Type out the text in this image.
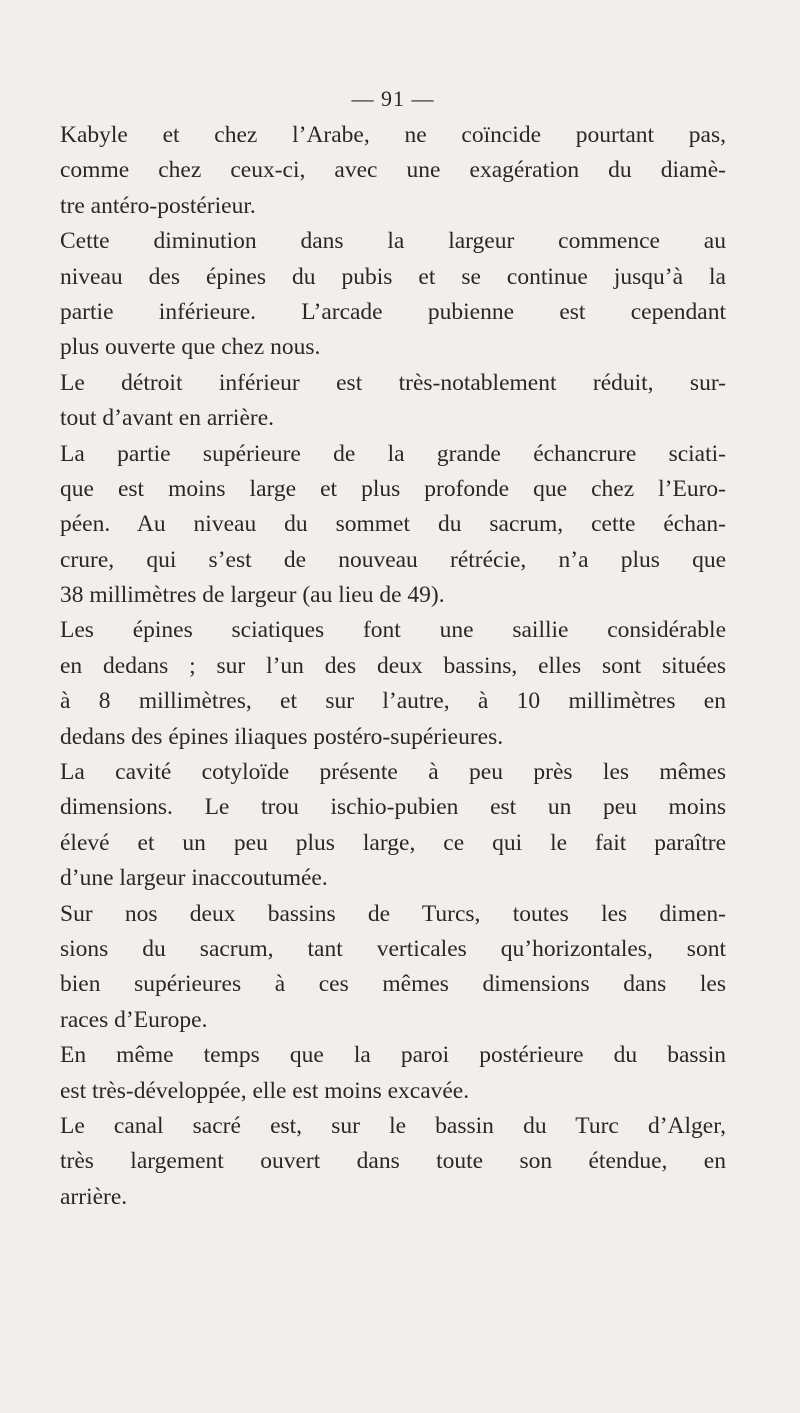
— 91 —
Kabyle et chez l’Arabe, ne coïncide pourtant pas,
comme chez ceux-ci, avec une exagération du diamè-
tre antéro-postérieur.
Cette diminution dans la largeur commence au
niveau des épines du pubis et se continue jusqu’à la
partie inférieure. L’arcade pubienne est cependant
plus ouverte que chez nous.
Le détroit inférieur est très-notablement réduit, sur-
tout d’avant en arrière.
La partie supérieure de la grande échancrure sciati-
que est moins large et plus profonde que chez l’Euro-
péen. Au niveau du sommet du sacrum, cette échan-
crure, qui s’est de nouveau rétrécie, n’a plus que
38 millimètres de largeur (au lieu de 49).
Les épines sciatiques font une saillie considérable
en dedans ; sur l’un des deux bassins, elles sont situées
à 8 millimètres, et sur l’autre, à 10 millimètres en
dedans des épines iliaques postéro-supérieures.
La cavité cotyloïde présente à peu près les mêmes
dimensions. Le trou ischio-pubien est un peu moins
élevé et un peu plus large, ce qui le fait paraître
d’une largeur inaccoutumée.
Sur nos deux bassins de Turcs, toutes les dimen-
sions du sacrum, tant verticales qu’horizontales, sont
bien supérieures à ces mêmes dimensions dans les
races d’Europe.
En même temps que la paroi postérieure du bassin
est très-développée, elle est moins excavée.
Le canal sacré est, sur le bassin du Turc d’Alger,
très largement ouvert dans toute son étendue, en
arrière.
